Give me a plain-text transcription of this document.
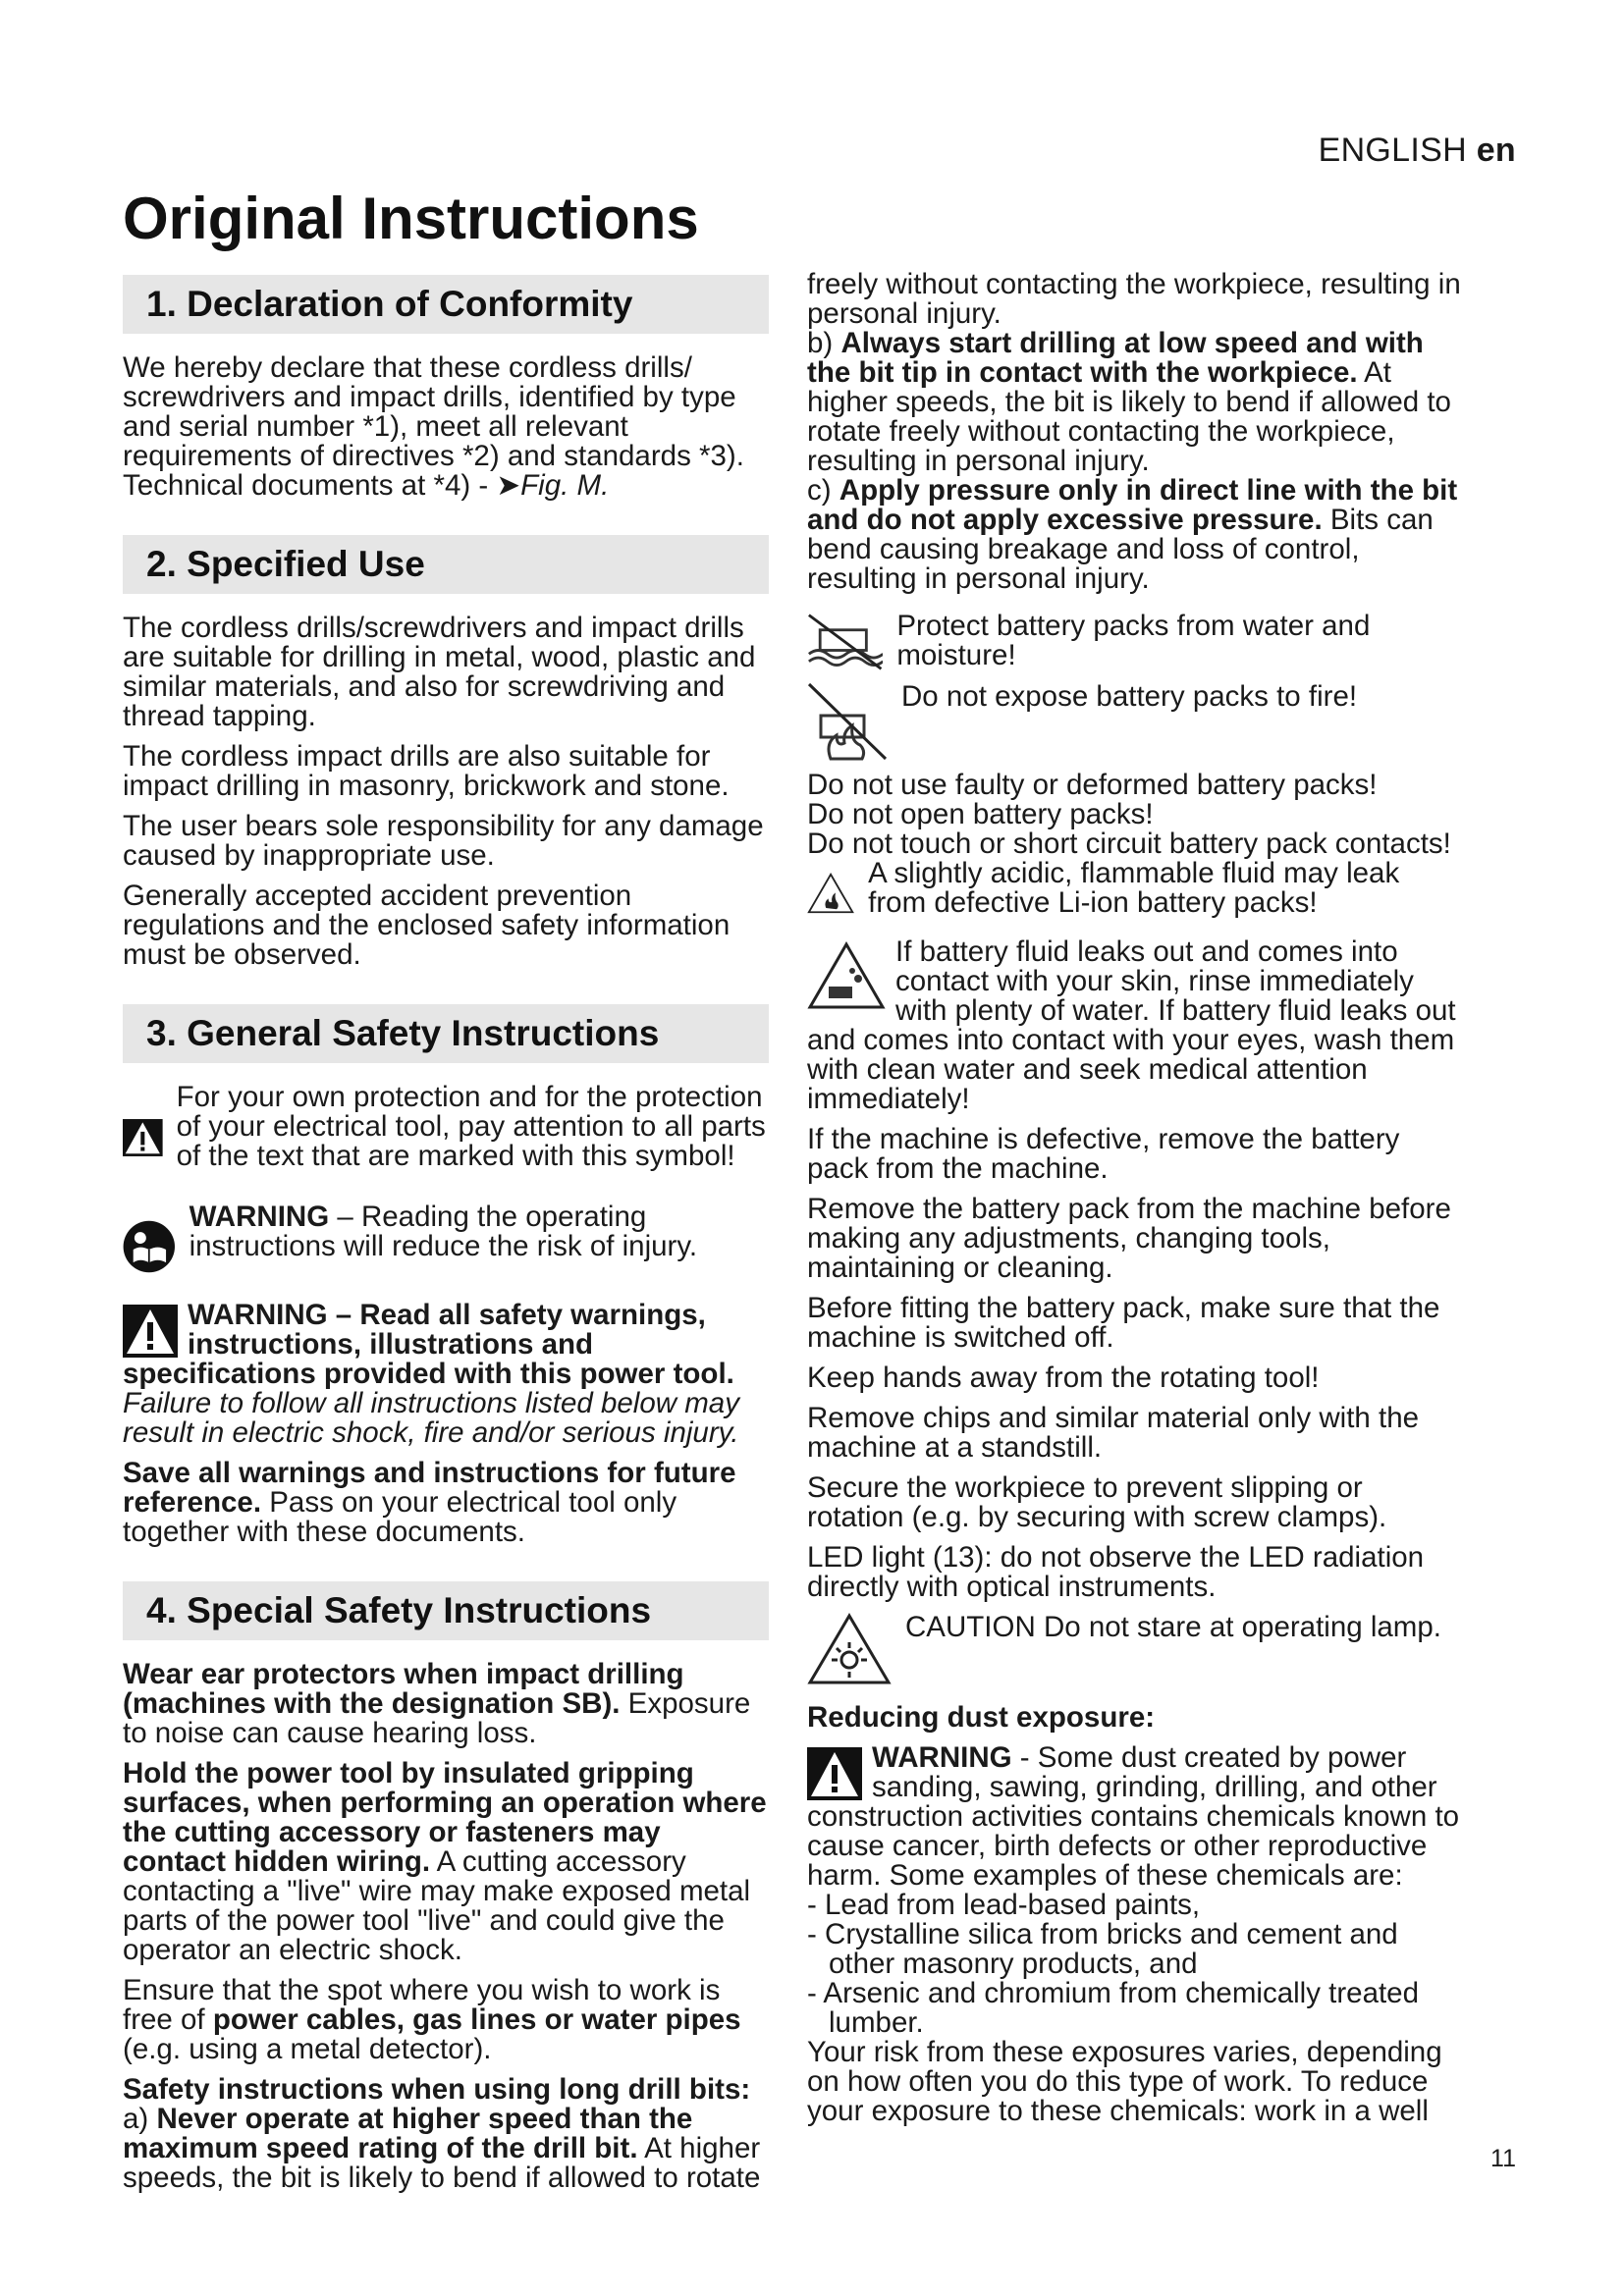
ENGLISH en
Original Instructions
1. Declaration of Conformity

We hereby declare that these cordless drills/ screwdrivers and impact drills, identified by type and serial number *1), meet all relevant requirements of directives *2) and standards *3). Technical documents at *4) - ➤Fig. M.

2. Specified Use

The cordless drills/screwdrivers and impact drills are suitable for drilling in metal, wood, plastic and similar materials, and also for screwdriving and thread tapping.

The cordless impact drills are also suitable for impact drilling in masonry, brickwork and stone.

The user bears sole responsibility for any damage caused by inappropriate use.

Generally accepted accident prevention regulations and the enclosed safety information must be observed.

3. General Safety Instructions
For your own protection and for the protection of your electrical tool, pay attention to all parts of the text that are marked with this symbol!
WARNING – Reading the operating instructions will reduce the risk of injury.

WARNING – Read all safety warnings, instructions, illustrations and specifications provided with this power tool.
Failure to follow all instructions listed below may result in electric shock, fire and/or serious injury.

Save all warnings and instructions for future reference. Pass on your electrical tool only together with these documents.

4. Special Safety Instructions

Wear ear protectors when impact drilling (machines with the designation SB). Exposure to noise can cause hearing loss.

Hold the power tool by insulated gripping surfaces, when performing an operation where the cutting accessory or fasteners may contact hidden wiring. A cutting accessory contacting a "live" wire may make exposed metal parts of the power tool "live" and could give the operator an electric shock.

Ensure that the spot where you wish to work is free of power cables, gas lines or water pipes (e.g. using a metal detector).

Safety instructions when using long drill bits:
a) Never operate at higher speed than the maximum speed rating of the drill bit. At higher speeds, the bit is likely to bend if allowed to rotate

freely without contacting the workpiece, resulting in personal injury.

b) Always start drilling at low speed and with the bit tip in contact with the workpiece. At higher speeds, the bit is likely to bend if allowed to rotate freely without contacting the workpiece, resulting in personal injury.

c) Apply pressure only in direct line with the bit and do not apply excessive pressure. Bits can bend causing breakage and loss of control, resulting in personal injury.

Protect battery packs from water and moisture!
Do not expose battery packs to fire!

Do not use faulty or deformed battery packs!

Do not open battery packs!

Do not touch or short circuit battery pack contacts!

A slightly acidic, flammable fluid may leak from defective Li-ion battery packs!

If battery fluid leaks out and comes into contact with your skin, rinse immediately with plenty of water. If battery fluid leaks out and comes into contact with your eyes, wash them with clean water and seek medical attention immediately!

If the machine is defective, remove the battery pack from the machine.

Remove the battery pack from the machine before making any adjustments, changing tools, maintaining or cleaning.

Before fitting the battery pack, make sure that the machine is switched off.

Keep hands away from the rotating tool!

Remove chips and similar material only with the machine at a standstill.

Secure the workpiece to prevent slipping or rotation (e.g. by securing with screw clamps).

LED light (13): do not observe the LED radiation directly with optical instruments.

CAUTION Do not stare at operating lamp.

Reducing dust exposure:

WARNING - Some dust created by power sanding, sawing, grinding, drilling, and other construction activities contains chemicals known to cause cancer, birth defects or other reproductive harm. Some examples of these chemicals are:

- Lead from lead-based paints,

- Crystalline silica from bricks and cement and other masonry products, and

- Arsenic and chromium from chemically treated lumber.

Your risk from these exposures varies, depending on how often you do this type of work. To reduce your exposure to these chemicals: work in a well

11
